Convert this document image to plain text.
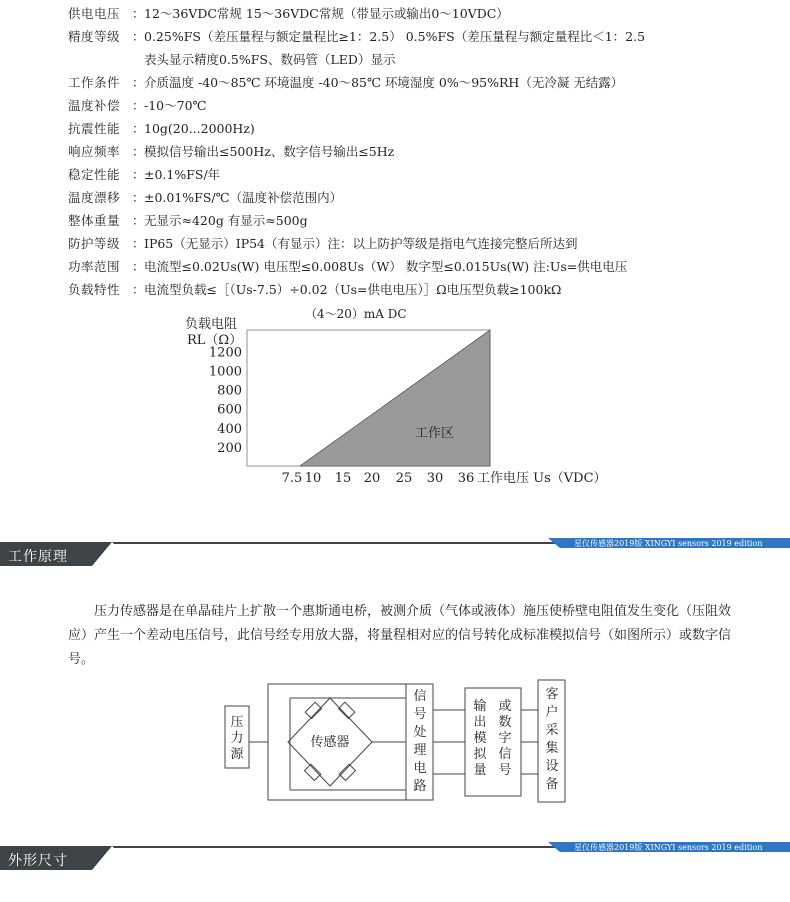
供电电压 ： 12～36VDC常规 15～36VDC常规（带显示或输出0～10VDC）
精度等级 ： 0.25%FS（差压量程与额定量程比≥1：2.5） 0.5%FS（差压量程与额定量程比＜1：2.5
表头显示精度0.5%FS、数码管（LED）显示
工作条件 ： 介质温度 -40～85℃ 环境温度 -40～85℃ 环境湿度 0%～95%RH（无冷凝 无结露）
温度补偿 ： -10～70℃
抗震性能 ： 10g(20...2000Hz)
响应频率 ： 模拟信号输出≤500Hz、数字信号输出≤5Hz
稳定性能 ： ±0.1%FS/年
温度漂移 ： ±0.01%FS/℃（温度补偿范围内）
整体重量 ： 无显示≈420g 有显示≈500g
防护等级 ： IP65（无显示）IP54（有显示）注：以上防护等级是指电气连接完整后所达到
功率范围 ： 电流型≤0.02Us(W) 电压型≤0.008Us（W） 数字型≤0.015Us(W) 注:Us=供电电压
负载特性 ： 电流型负载≤［（Us-7.5）÷0.02（Us=供电电压）］Ω电压型负载≥100kΩ
（4～20）mA DC
负载电阻
RL（Ω）
1200
1000
800
600
400
200
7.5 10 15 20 25 30 36
工作区
工作电压 Us（VDC）
工作原理
星仪传感器2019版 XINGYI sensors 2019 edition

压力传感器是在单晶硅片上扩散一个惠斯通电桥，被测介质（气体或液体）施压使桥壁电阻值发生变化（压阻效应）产生一个差动电压信号，此信号经专用放大器，将量程相对应的信号转化成标准模拟信号（如图所示）或数字信号。

压
力
源
信
号
处
理
电
路
输
出
模
拟
量
或
数
字
信
号
客
户
采
集
设
备
传感器
外形尺寸
星仪传感器2019版 XINGYI sensors 2019 edition
